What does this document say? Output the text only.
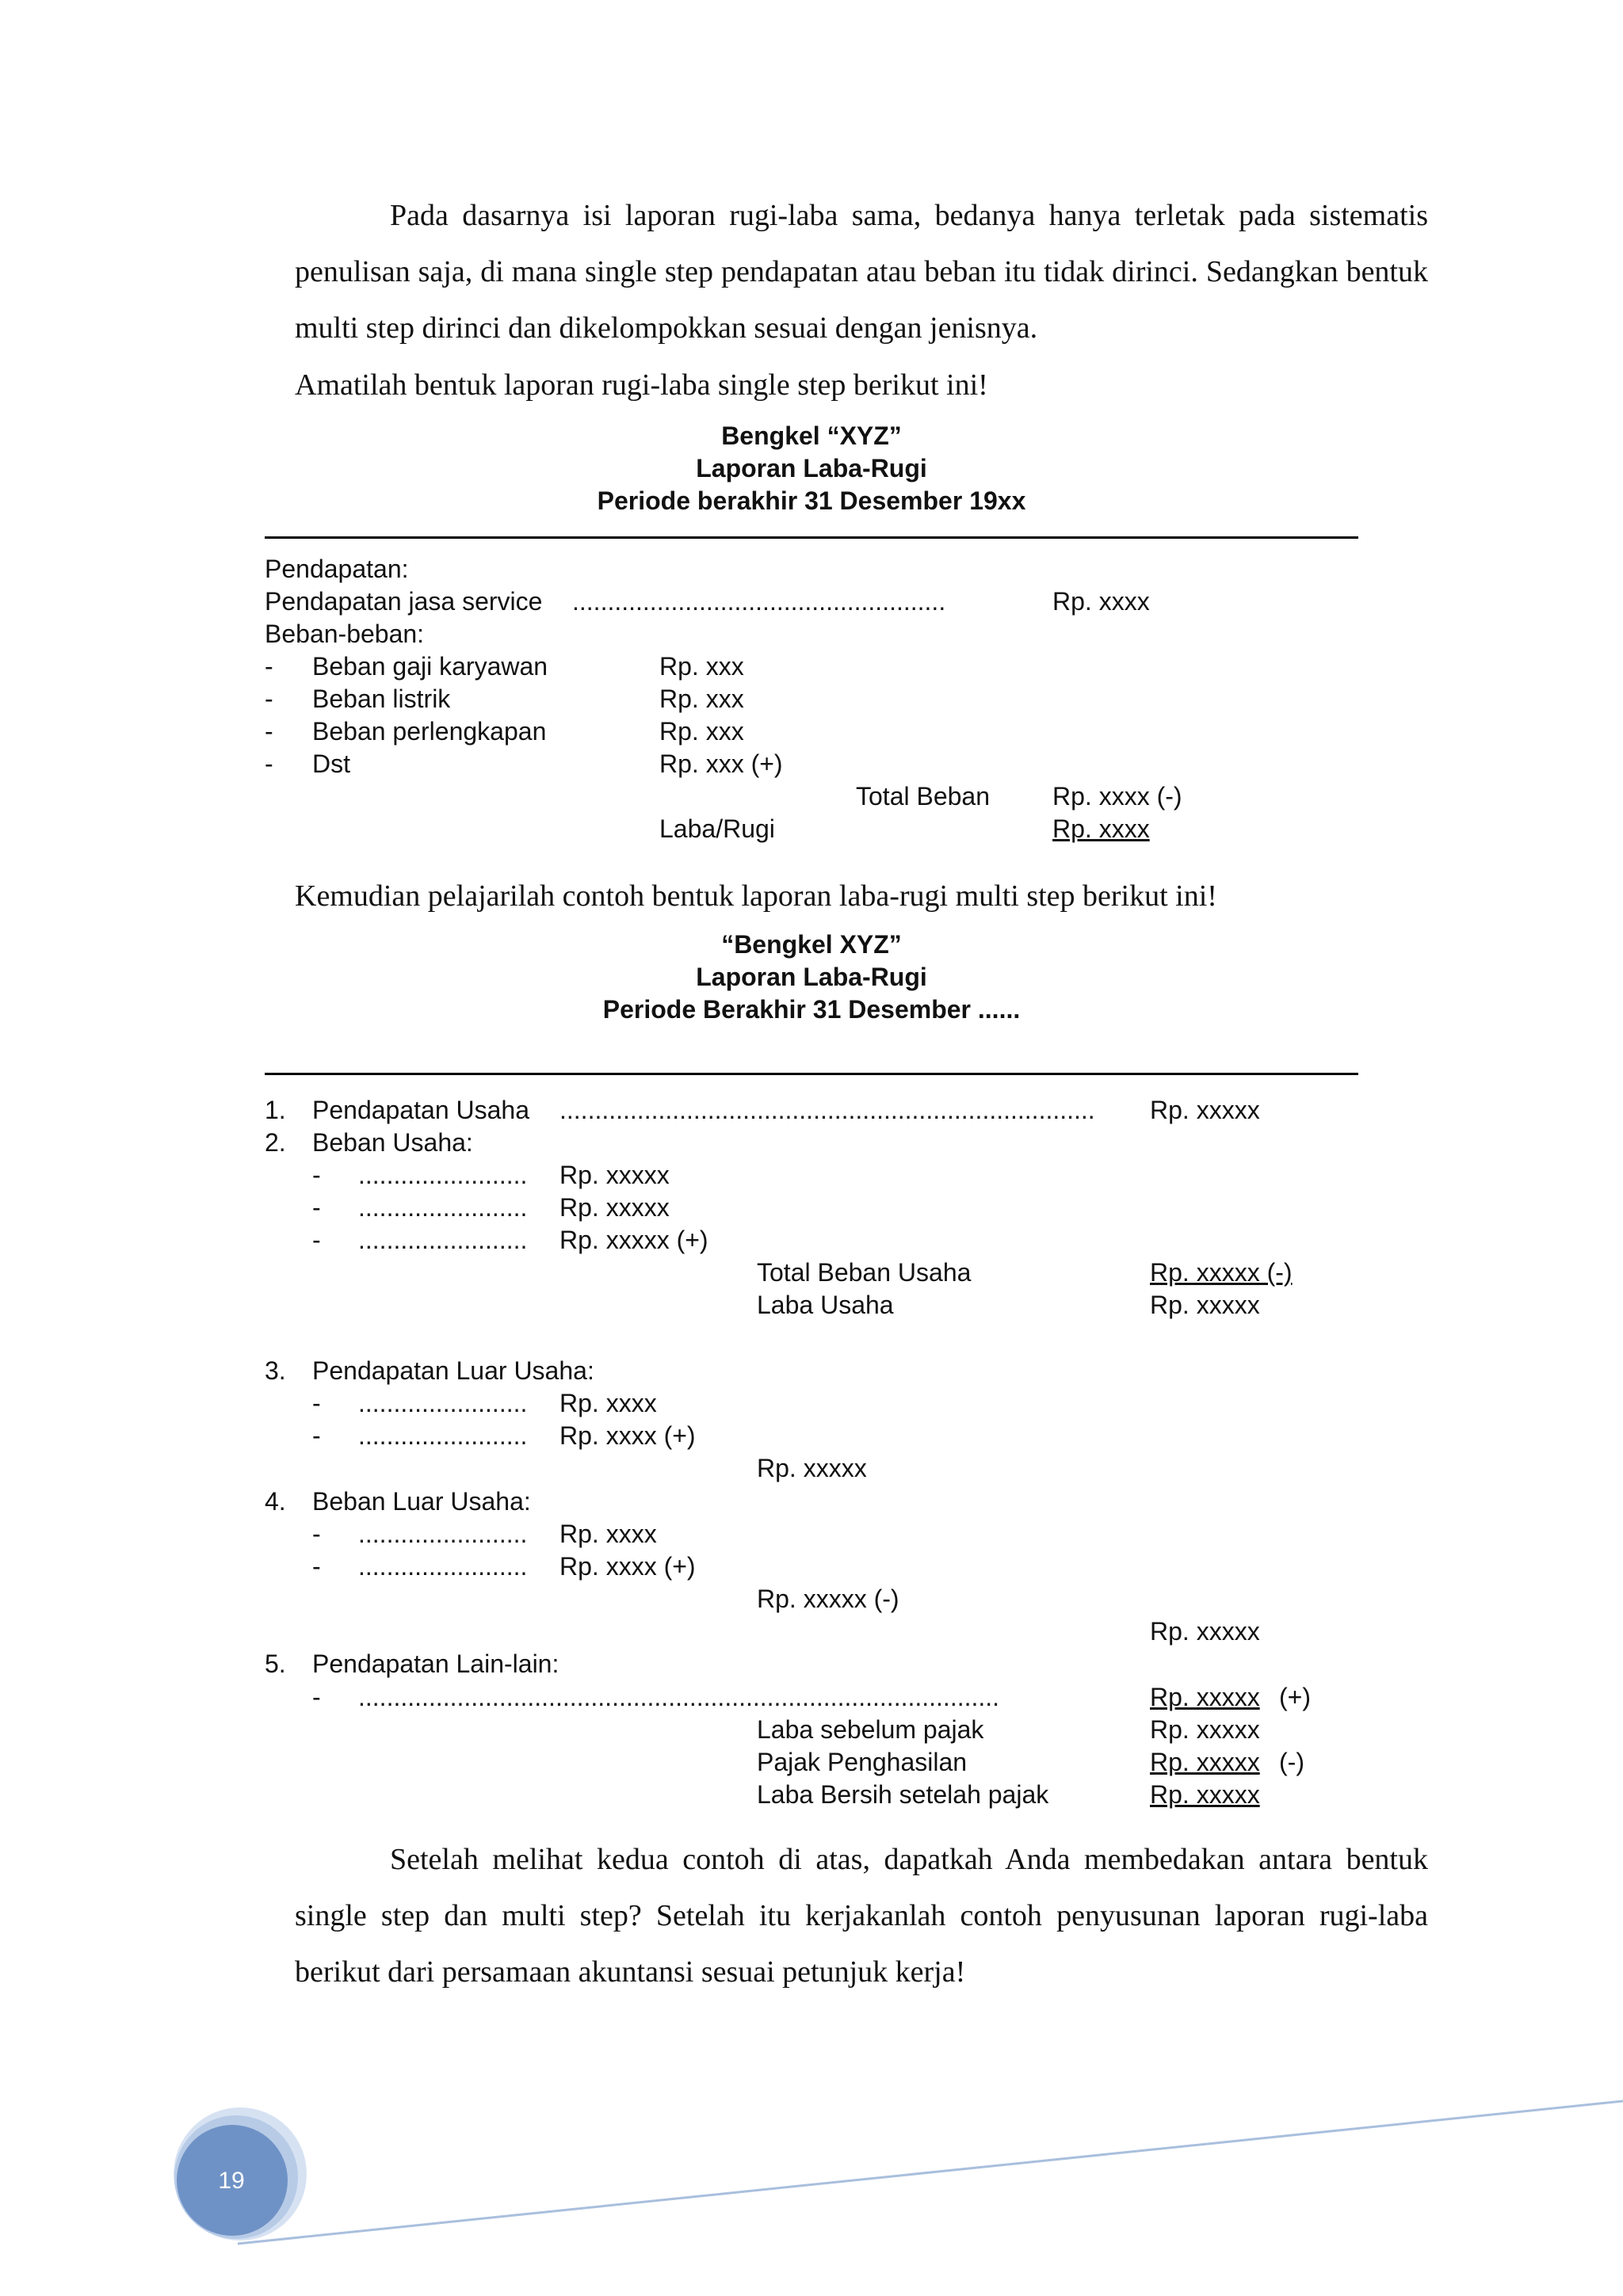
Pada dasarnya isi laporan rugi-laba sama, bedanya hanya terletak pada sistematis penulisan saja, di mana single step pendapatan atau beban itu tidak dirinci. Sedangkan bentuk multi step dirinci dan dikelompokkan sesuai dengan jenisnya.

Amatilah bentuk laporan rugi-laba single step berikut ini!

Bengkel “XYZ”
Laporan Laba-Rugi
Periode berakhir 31 Desember 19xx
Pendapatan:
Pendapatan jasa service .....................................................	Rp. xxxx
Beban-beban:
- Beban gaji karyawan	Rp. xxx
- Beban listrik	Rp. xxx
- Beban perlengkapan	Rp. xxx
- Dst	Rp. xxx (+)
Total Beban Rp. xxxx (-)
Laba/Rugi	Rp. xxxx

Kemudian pelajarilah contoh bentuk laporan laba-rugi multi step berikut ini!

“Bengkel XYZ”
Laporan Laba-Rugi
Periode Berakhir 31 Desember ......
1. Pendapatan Usaha ............................................................................ Rp. xxxxx
2. Beban Usaha:
- ........................ Rp. xxxxx
- ........................ Rp. xxxxx
- ........................ Rp. xxxxx (+)
Total Beban Usaha	Rp. xxxxx (-)
Laba Usaha	Rp. xxxxx
3. Pendapatan Luar Usaha:
- ........................ Rp. xxxx
- ........................ Rp. xxxx (+)
Rp. xxxxx
4. Beban Luar Usaha:
- ........................ Rp. xxxx
- ........................ Rp. xxxx (+)
Rp. xxxxx (-)
Rp. xxxxx
5. Pendapatan Lain-lain:
- ...........................................................................................	Rp. xxxxx (+)
Laba sebelum pajak	Rp. xxxxx
Pajak Penghasilan	Rp. xxxxx (-)
Laba Bersih setelah pajak	Rp. xxxxx

Setelah melihat kedua contoh di atas, dapatkah Anda membedakan antara bentuk single step dan multi step? Setelah itu kerjakanlah contoh penyusunan laporan rugi-laba berikut dari persamaan akuntansi sesuai petunjuk kerja!

19
